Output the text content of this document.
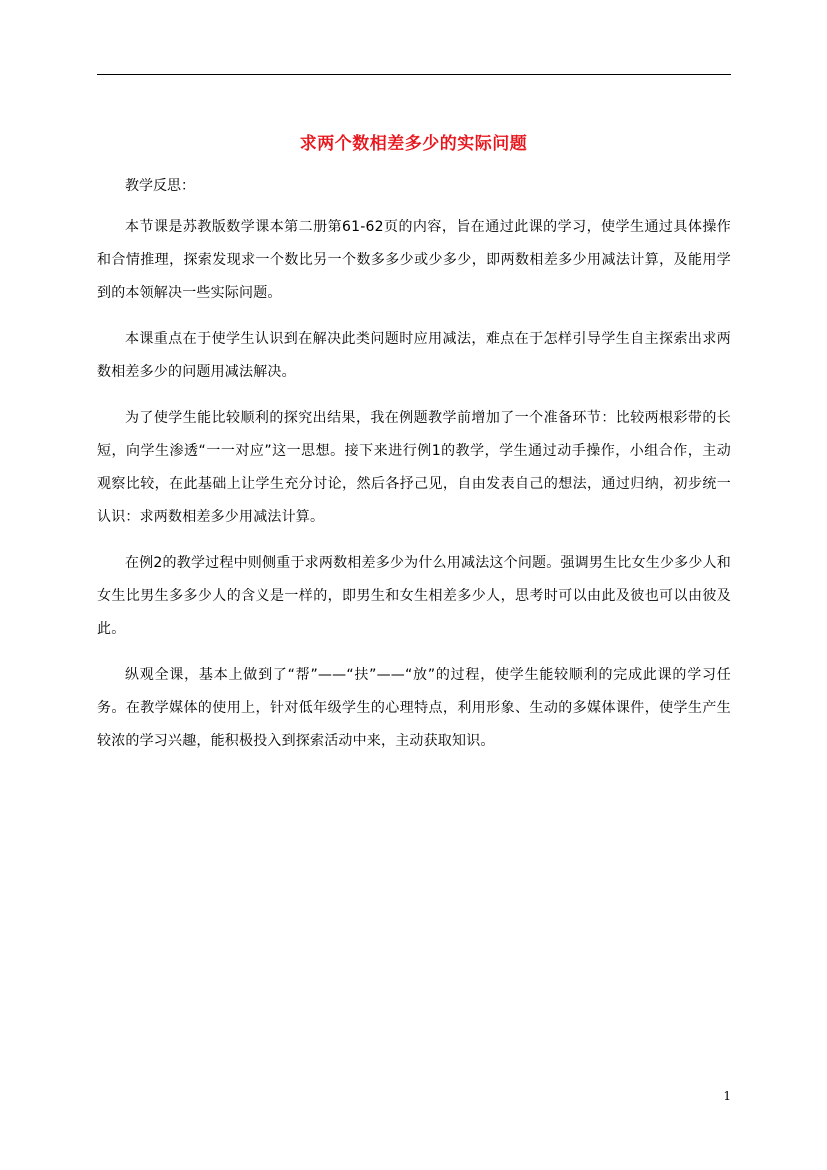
求两个数相差多少的实际问题

教学反思：

本节课是苏教版数学课本第二册第61-62页的内容，旨在通过此课的学习，使学生通过具体操作和合情推理，探索发现求一个数比另一个数多多少或少多少，即两数相差多少用减法计算，及能用学到的本领解决一些实际问题。

本课重点在于使学生认识到在解决此类问题时应用减法，难点在于怎样引导学生自主探索出求两数相差多少的问题用减法解决。

为了使学生能比较顺利的探究出结果，我在例题教学前增加了一个准备环节：比较两根彩带的长短，向学生渗透“一一对应”这一思想。接下来进行例1的教学，学生通过动手操作，小组合作，主动观察比较，在此基础上让学生充分讨论，然后各抒己见，自由发表自己的想法，通过归纳，初步统一认识：求两数相差多少用减法计算。

在例2的教学过程中则侧重于求两数相差多少为什么用减法这个问题。强调男生比女生少多少人和女生比男生多多少人的含义是一样的，即男生和女生相差多少人，思考时可以由此及彼也可以由彼及此。

纵观全课，基本上做到了“帮”——“扶”——“放”的过程，使学生能较顺利的完成此课的学习任务。在教学媒体的使用上，针对低年级学生的心理特点，利用形象、生动的多媒体课件，使学生产生较浓的学习兴趣，能积极投入到探索活动中来，主动获取知识。

1
